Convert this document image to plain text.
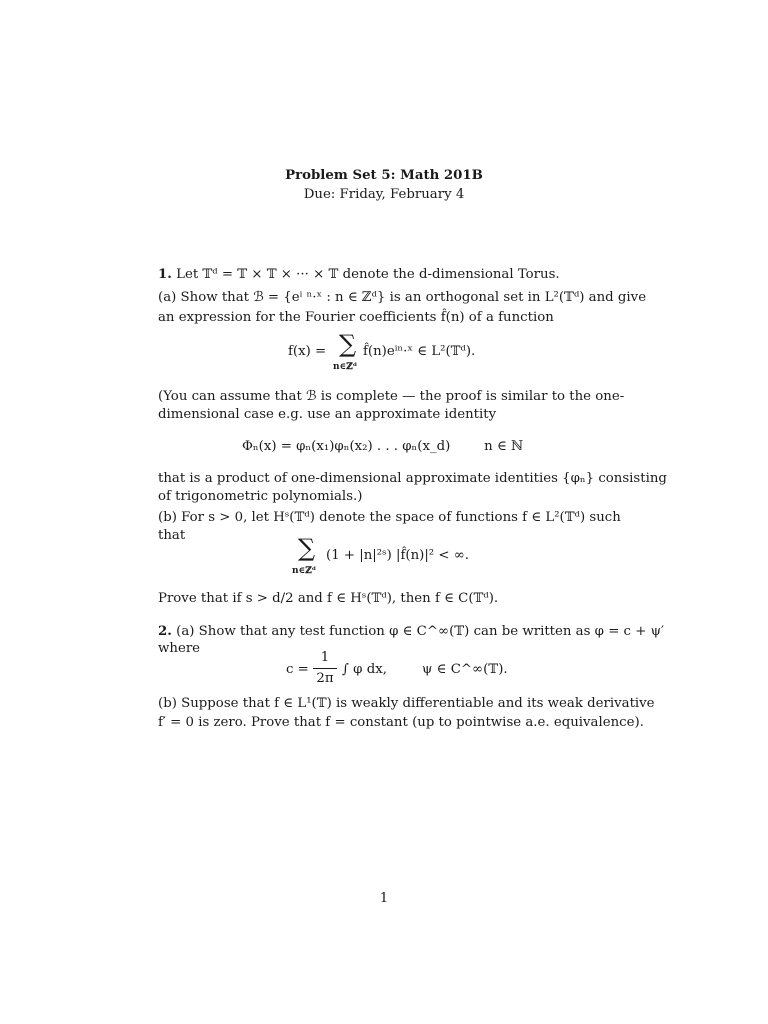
Problem Set 5: Math 201B
Due: Friday, February 4
1. Let 𝕋ᵈ = 𝕋 × 𝕋 × ··· × 𝕋 denote the d-dimensional Torus.
(a) Show that ℬ = {eⁱ ⁿ·ˣ : n ∈ ℤᵈ} is an orthogonal set in L²(𝕋ᵈ) and give
an expression for the Fourier coefficients f̂(n) of a function
f(x) = ∑
n∈ℤᵈ
f̂(n)eⁱⁿ·ˣ ∈ L²(𝕋ᵈ).
(You can assume that ℬ is complete — the proof is similar to the one-
dimensional case e.g. use an approximate identity
Φₙ(x) = φₙ(x₁)φₙ(x₂) . . . φₙ(x_d)        n ∈ ℕ
that is a product of one-dimensional approximate identities {φₙ} consisting
of trigonometric polynomials.)
(b) For s > 0, let Hˢ(𝕋ᵈ) denote the space of functions f ∈ L²(𝕋ᵈ) such
that	∑
n∈ℤᵈ
(1 + |n|²ˢ) |f̂(n)|² < ∞.
Prove that if s > d/2 and f ∈ Hˢ(𝕋ᵈ), then f ∈ C(𝕋ᵈ).
2. (a) Show that any test function φ ∈ C^∞(𝕋) can be written as φ = c + ψ′
where
c =
1
2π
∫ φ dx,	ψ ∈ C^∞(𝕋).
(b) Suppose that f ∈ L¹(𝕋) is weakly differentiable and its weak derivative
f′ = 0 is zero. Prove that f = constant (up to pointwise a.e. equivalence).
1
